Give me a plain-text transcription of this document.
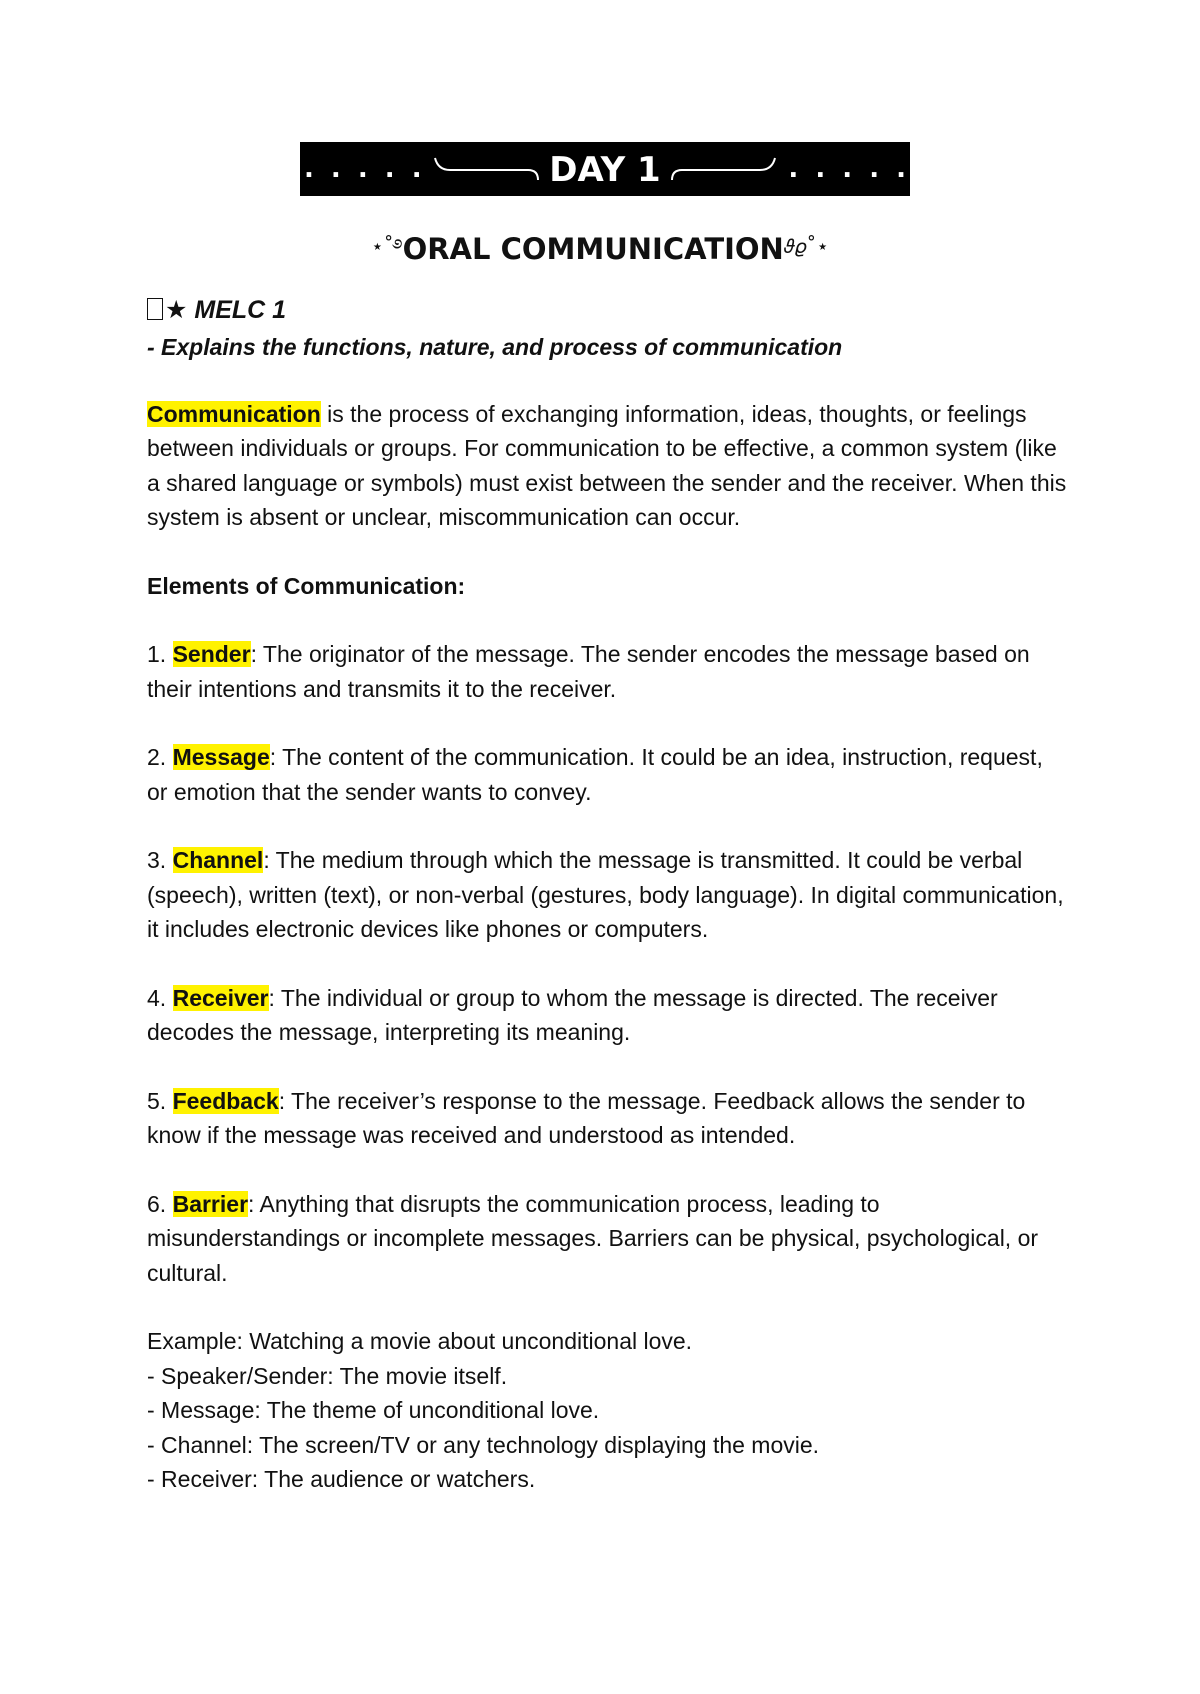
. . . . .	DAY 1	. . . . .
⋆˚࿔ORAL $COMMUNICATION^{𝜗𝜚˚⋆}$
★ MELC 1
- Explains the functions, nature, and process of communication

Communication is the process of exchanging information, ideas, thoughts, or feelings between individuals or groups. For communication to be effective, a common system (like a shared language or symbols) must exist between the sender and the receiver. When this system is absent or unclear, miscommunication can occur.

Elements of Communication:

1. Sender: The originator of the message. The sender encodes the message based on their intentions and transmits it to the receiver.

2. Message: The content of the communication. It could be an idea, instruction, request, or emotion that the sender wants to convey.

3. Channel: The medium through which the message is transmitted. It could be verbal (speech), written (text), or non-verbal (gestures, body language). In digital communication, it includes electronic devices like phones or computers.

4. Receiver: The individual or group to whom the message is directed. The receiver decodes the message, interpreting its meaning.

5. Feedback: The receiver’s response to the message. Feedback allows the sender to know if the message was received and understood as intended.

6. Barrier: Anything that disrupts the communication process, leading to misunderstandings or incomplete messages. Barriers can be physical, psychological, or cultural.

Example: Watching a movie about unconditional love.
- Speaker/Sender: The movie itself.
- Message: The theme of unconditional love.
- Channel: The screen/TV or any technology displaying the movie.
- Receiver: The audience or watchers.
